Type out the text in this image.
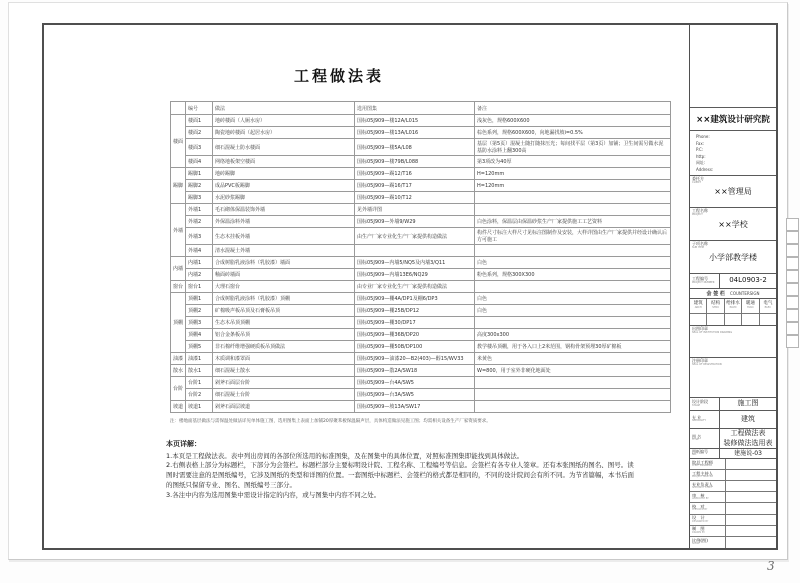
工程做法表
	编号	做法	选用图集	备注
楼面	楼面1	地砖楼面（人厕水房）	国标05J909—楼12A/L015	浅灰色，规格600X600
	楼面2	陶瓷地砖楼面（起居水房）	国标05J909—楼13A/L016	棕色系列，规格600X600，向地漏找坡i=0.5%
	楼面3	细石混凝土防水楼面	国标05J909—楼5A/L08	基层（第5页）混凝土随打随抹压光；每间找平层（第3页）加铺；卫生间需另做水泥基防水涂料上翻300高
	楼面4	网络地板架空楼面	国标05J909—楼79B/L088	第3项改为40厚
踢脚	踢脚1	地砖踢脚	国标05J909—踢12/T16	H=120mm
	踢脚2	成品PVC板踢脚	国标05J909—踢16/T17	H=120mm
	踢脚3	水泥砂浆踢脚	国标05J909—踢10/T12	
外墙	外墙1	毛石砌体保温装饰外墙	见外墙详图	
	外墙2	外保温涂料外墙	国标05J909—外墙9/W29	白色涂料，保温层由保温砂浆生产厂家提供施工工艺资料
	外墙3	生态木挂板外墙	由生产厂家专业化生产厂家提供构造做法	构件尺寸标注大样尺寸见标注图制作及安装，大样详图由生产厂家提供并经设计确认后方可施工
	外墙4	清水混凝土外墙		
内墙	内墙1	合成树脂乳液涂料（乳胶漆）墙面	国标05J909—内墙5/NQ5及内墙3/Q11	白色
	内墙2	釉面砖墙面	国标05J909—内墙13E6/NQ29	粉色系列，规格300X300
窗台	窗台1	大理石窗台	由专业厂家专业化生产厂家提供构造做法	
顶棚	顶棚1	合成树脂乳液涂料（乳胶漆）顶棚	国标05J909—棚4A/DP1及棚6/DP3	白色
	顶棚2	矿棉吸声板吊顶及石膏板吊顶	国标05J909—棚25B/DP12	白色
	顶棚3	生态木吊顶顶棚	国标05J909—棚30/DP17	
	顶棚4	铝合金条板吊顶	国标05J909—棚36B/DP20	高度300x300
	顶棚5	非石棉纤维增强硬质板吊顶做法	国标05J909—棚50B/DP100	教学楼吊顶棚，用于各入口上2米范围，钢构骨架预埋30厚矿棉板
油漆	油漆1	木质调和漆罩面	国标05J909—油漆20—B2(403)—醇15/WV33	米黄色
散水	散水1	细石混凝土散水	国标05J909—散2A/SW18	W=800，用于室外非硬化地面处
台阶	台阶1	剁斧石面层台阶	国标05J909—台4A/SW5	
	台阶2	细石混凝土台阶	国标05J909—台3A/SW5	
坡道	坡道1	剁斧石面层坡道	国标05J909—坡13A/SW17	
注：楼地面基层做法与需保温处做法详见单体施工图，选用图集上表面上加铺20厚聚苯板保温隔声层，具体构造做法见施工图；均需相关设备生产厂家资质要求。
本页详解：
1.本页是工程做法表。表中列出房间的各部位所选用的标准图集，及在图集中的具体位置，对照标准图集即能找到具体做法。
2.右侧表格上部分为标题栏，下部分为会签栏。标题栏部分主要标明设计院、工程名称、工程编号等信息。会签栏有各专业人签章。还有本张图纸的图名、图号。读图时需要注意的是图纸编号，它涉及图纸的类型和详图的位置。一套图纸中标题栏、会签栏的格式都是相同的，不同的设计院间会有所不同。为节省篇幅，本书后面的图纸只保留专业、图名、图纸编号三部分。
3.各注中内容为选用图集中需设计指定的内容，或与图集中内容不同之处。
××建筑设计研究院
Phone:
Fax:
P.C:
http:
网址:
Address:
委托方
CLIENT
××管理局
工程名称
PROJECT
××学校
子项名称
SUB ITEM
小学部教学楼
工程编号
PROJECT NUMBER	04L0903-2
会 签 栏 COUNTERSIGN
建筑
ARCH
结构
STRU
给排水
PLUM
暖通
HVAC
电气
ELEC
出图印章
SEAL OF INSTITUTION DRAWING
注册印章
SEAL OF REGISTRATION
设计阶段
STAGE	施工图
专 业
SPECIALITY	建筑
图 名
TITLE
工程做法表
装修做法选用表
图纸编号
NO.	建施说-03
院总工程师
CHIEF ENGINEER
工程主持人
PROJECT MASTER
专业负责人
SPECIALTY CHIEF
审　核
APPROVED BY
校　对
CHECKED BY
设　计
DESIGNED BY
制　图
DRAWN BY
比例(图)
SCALE
3
